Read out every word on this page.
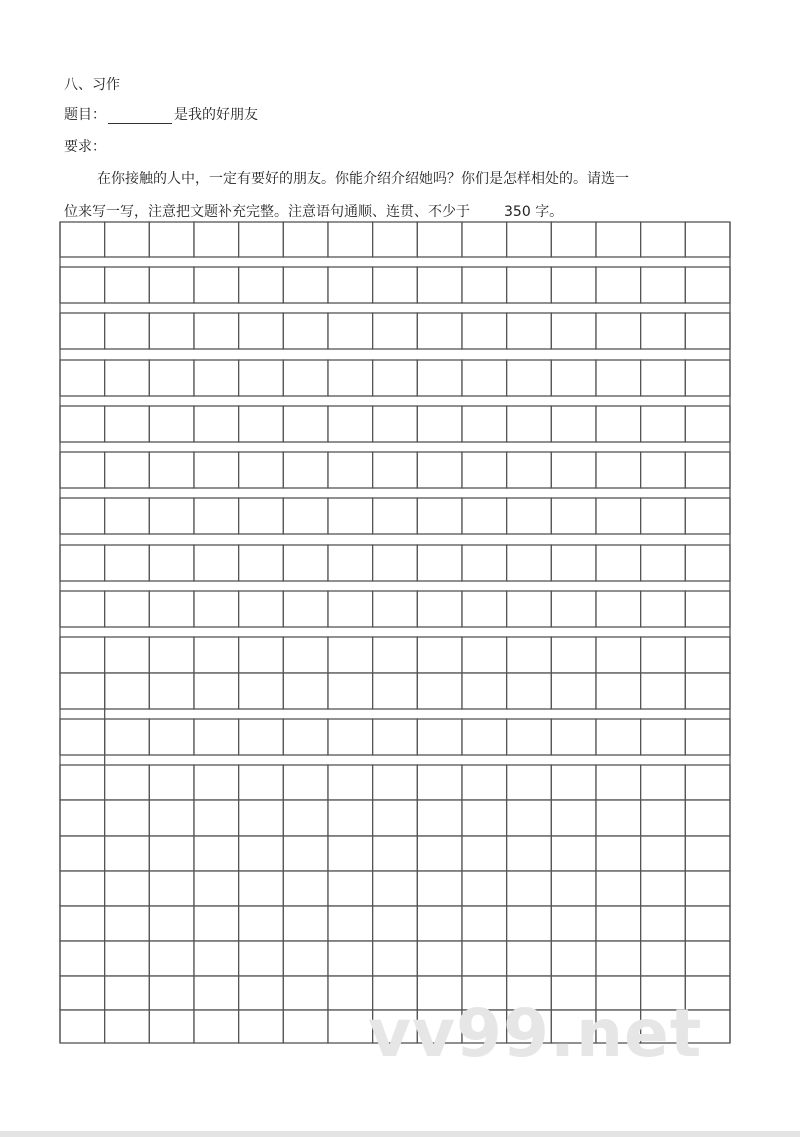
八、习作
题目：	是我的好朋友
要求：
在你接触的人中，一定有要好的朋友。你能介绍介绍她吗？你们是怎样相处的。请选一
位来写一写，注意把文题补充完整。注意语句通顺、连贯、不少于 350 字。
vv99.net
